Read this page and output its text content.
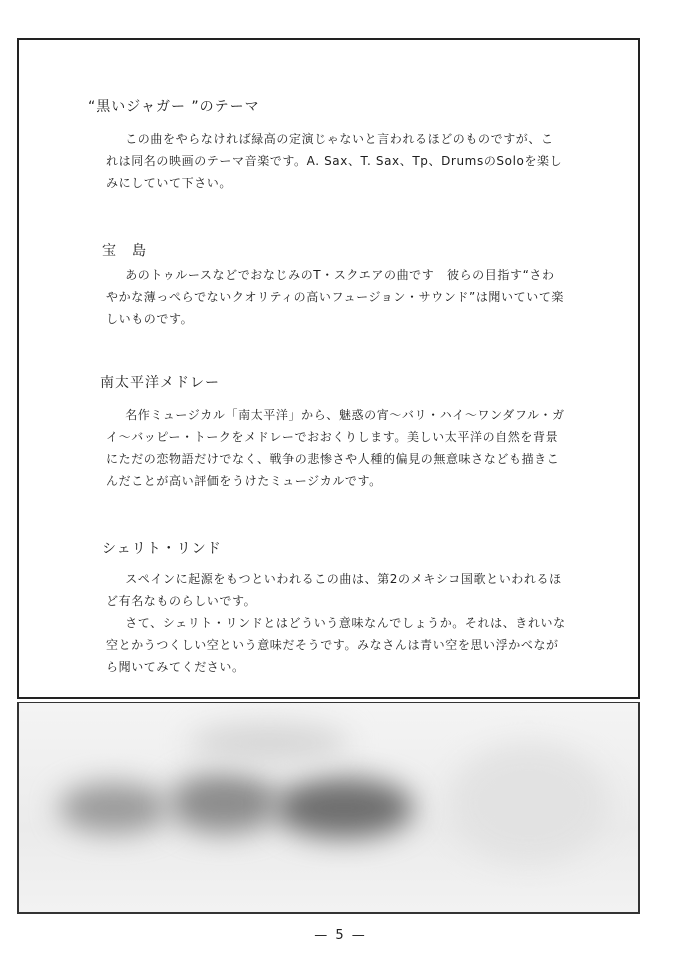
“黒いジャガー ”のテーマ

この曲をやらなければ緑高の定演じゃないと言われるほどのものですが、これは同名の映画のテーマ音楽です。A. Sax、T. Sax、Tp、DrumsのSoloを楽しみにしていて下さい。

宝　島

あのトゥルースなどでおなじみのT・スクエアの曲です　彼らの目指す“さわやかな薄っぺらでないクオリティの高いフュージョン・サウンド”は聞いていて楽しいものです。

南太平洋メドレー

名作ミュージカル「南太平洋」から、魅惑の宵〜バリ・ハイ〜ワンダフル・ガイ〜バッピー・トークをメドレーでおおくりします。美しい太平洋の自然を背景にただの恋物語だけでなく、戦争の悲惨さや人種的偏見の無意味さなども描きこんだことが高い評価をうけたミュージカルです。

シェリト・リンド

スペインに起源をもつといわれるこの曲は、第2のメキシコ国歌といわれるほど有名なものらしいです。

さて、シェリト・リンドとはどういう意味なんでしょうか。それは、きれいな空とかうつくしい空という意味だそうです。みなさんは青い空を思い浮かべながら聞いてみてください。

— 5 —
